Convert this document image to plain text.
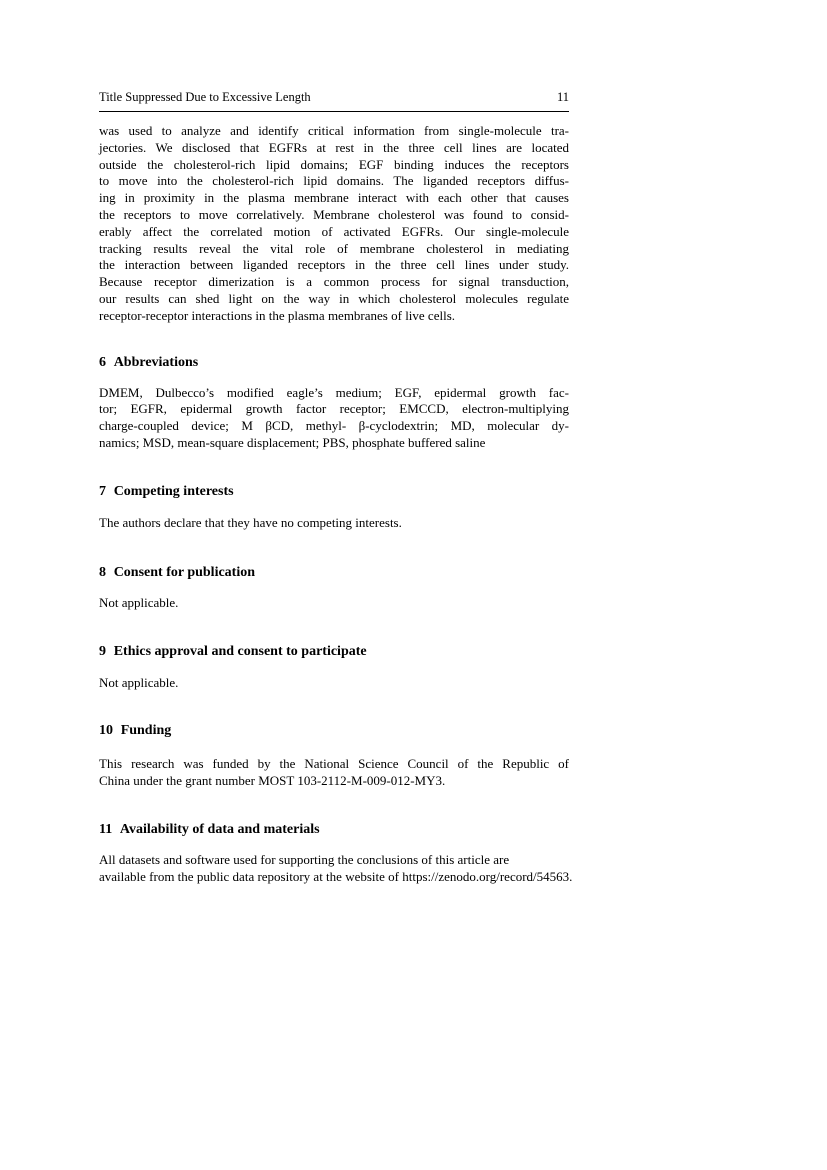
Title Suppressed Due to Excessive Length	11
was used to analyze and identify critical information from single-molecule tra-
jectories. We disclosed that EGFRs at rest in the three cell lines are located
outside the cholesterol-rich lipid domains; EGF binding induces the receptors
to move into the cholesterol-rich lipid domains. The liganded receptors diffus-
ing in proximity in the plasma membrane interact with each other that causes
the receptors to move correlatively. Membrane cholesterol was found to consid-
erably affect the correlated motion of activated EGFRs. Our single-molecule
tracking results reveal the vital role of membrane cholesterol in mediating
the interaction between liganded receptors in the three cell lines under study.
Because receptor dimerization is a common process for signal transduction,
our results can shed light on the way in which cholesterol molecules regulate
receptor-receptor interactions in the plasma membranes of live cells.
6 Abbreviations
DMEM, Dulbecco’s modified eagle’s medium; EGF, epidermal growth fac-
tor; EGFR, epidermal growth factor receptor; EMCCD, electron-multiplying
charge-coupled device; M βCD, methyl- β-cyclodextrin; MD, molecular dy-
namics; MSD, mean-square displacement; PBS, phosphate buffered saline
7 Competing interests
The authors declare that they have no competing interests.
8 Consent for publication
Not applicable.
9 Ethics approval and consent to participate
Not applicable.
10 Funding
This research was funded by the National Science Council of the Republic of
China under the grant number MOST 103-2112-M-009-012-MY3.
11 Availability of data and materials
All datasets and software used for supporting the conclusions of this article are
available from the public data repository at the website of https://zenodo.org/record/54563.
